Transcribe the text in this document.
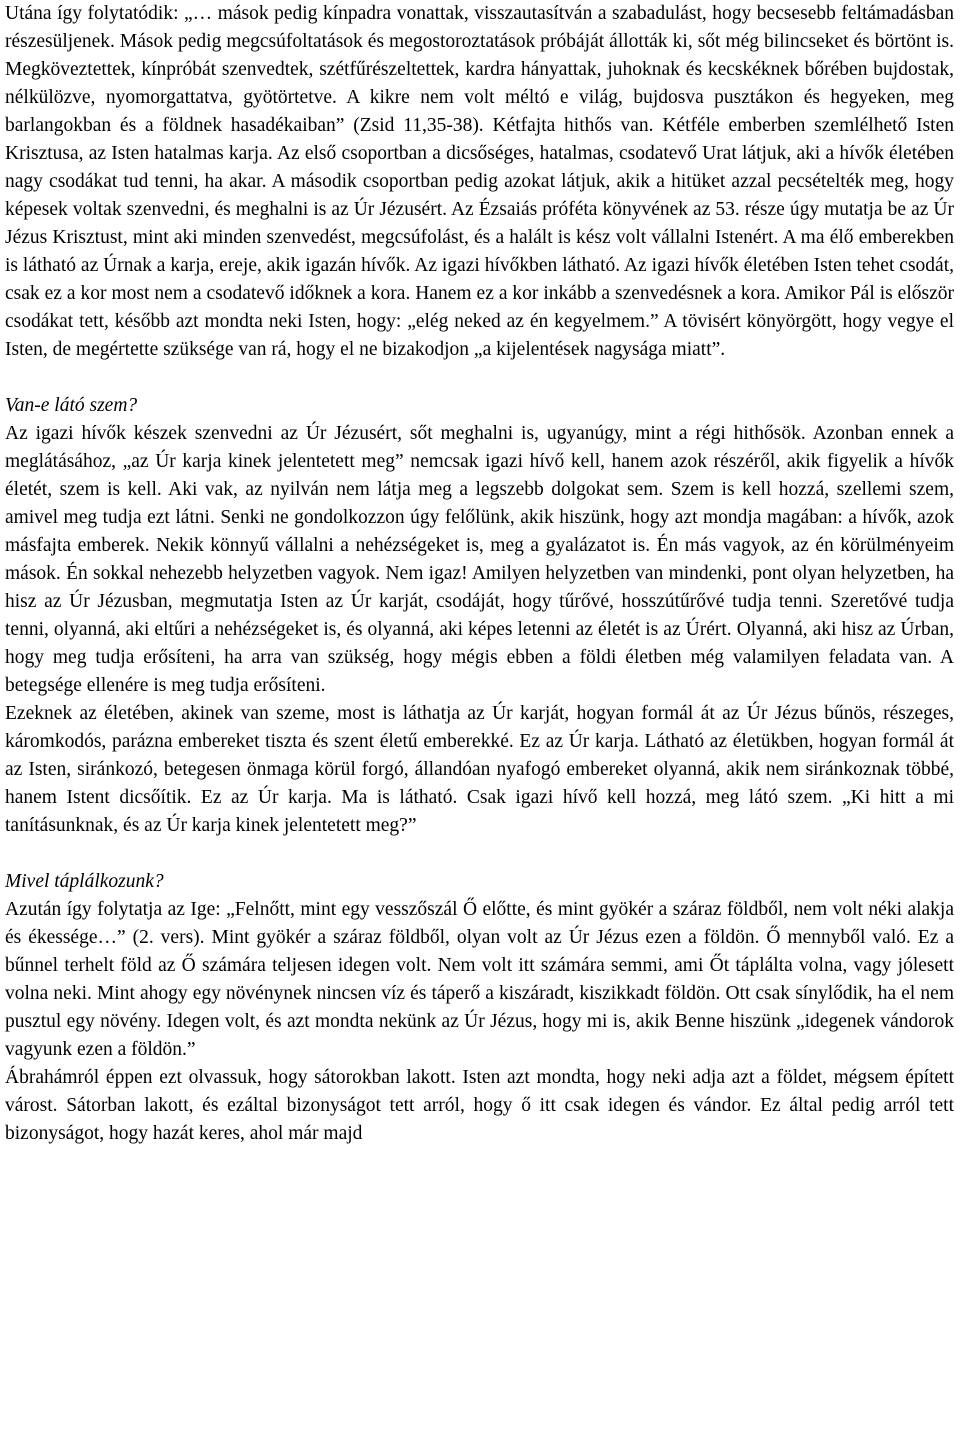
Utána így folytatódik: „… mások pedig kínpadra vonattak, visszautasítván a szabadulást, hogy becsesebb feltámadásban részesüljenek. Mások pedig megcsúfoltatások és megostoroztatások próbáját állották ki, sőt még bilincseket és börtönt is. Megköveztettek, kínpróbát szenvedtek, szétfűrészeltettek, kardra hányattak, juhoknak és kecskéknek bőrében bujdostak, nélkülözve, nyomorgattatva, gyötörtetve. A kikre nem volt méltó e világ, bujdosva pusztákon és hegyeken, meg barlangokban és a földnek hasadékaiban” (Zsid 11,35-38). Kétfajta hithős van. Kétféle emberben szemlélhető Isten Krisztusa, az Isten hatalmas karja. Az első csoportban a dicsőséges, hatalmas, csodatevő Urat látjuk, aki a hívők életében nagy csodákat tud tenni, ha akar. A második csoportban pedig azokat látjuk, akik a hitüket azzal pecsételték meg, hogy képesek voltak szenvedni, és meghalni is az Úr Jézusért. Az Ézsaiás próféta könyvének az 53. része úgy mutatja be az Úr Jézus Krisztust, mint aki minden szenvedést, megcsúfolást, és a halált is kész volt vállalni Istenért. A ma élő emberekben is látható az Úrnak a karja, ereje, akik igazán hívők. Az igazi hívőkben látható. Az igazi hívők életében Isten tehet csodát, csak ez a kor most nem a csodatevő időknek a kora. Hanem ez a kor inkább a szenvedésnek a kora. Amikor Pál is először csodákat tett, később azt mondta neki Isten, hogy: „elég neked az én kegyelmem.” A tövisért könyörgött, hogy vegye el Isten, de megértette szüksége van rá, hogy el ne bizakodjon „a kijelentések nagysága miatt”.

Van-e látó szem?

Az igazi hívők készek szenvedni az Úr Jézusért, sőt meghalni is, ugyanúgy, mint a régi hithősök. Azonban ennek a meglátásához, „az Úr karja kinek jelentetett meg” nemcsak igazi hívő kell, hanem azok részéről, akik figyelik a hívők életét, szem is kell. Aki vak, az nyilván nem látja meg a legszebb dolgokat sem. Szem is kell hozzá, szellemi szem, amivel meg tudja ezt látni. Senki ne gondolkozzon úgy felőlünk, akik hiszünk, hogy azt mondja magában: a hívők, azok másfajta emberek. Nekik könnyű vállalni a nehézségeket is, meg a gyalázatot is. Én más vagyok, az én körülményeim mások. Én sokkal nehezebb helyzetben vagyok. Nem igaz! Amilyen helyzetben van mindenki, pont olyan helyzetben, ha hisz az Úr Jézusban, megmutatja Isten az Úr karját, csodáját, hogy tűrővé, hosszútűrővé tudja tenni. Szeretővé tudja tenni, olyanná, aki eltűri a nehézségeket is, és olyanná, aki képes letenni az életét is az Úrért. Olyanná, aki hisz az Úrban, hogy meg tudja erősíteni, ha arra van szükség, hogy mégis ebben a földi életben még valamilyen feladata van. A betegsége ellenére is meg tudja erősíteni.

Ezeknek az életében, akinek van szeme, most is láthatja az Úr karját, hogyan formál át az Úr Jézus bűnös, részeges, káromkodós, parázna embereket tiszta és szent életű emberekké. Ez az Úr karja. Látható az életükben, hogyan formál át az Isten, siránkozó, betegesen önmaga körül forgó, állandóan nyafogó embereket olyanná, akik nem siránkoznak többé, hanem Istent dicsőítik. Ez az Úr karja. Ma is látható. Csak igazi hívő kell hozzá, meg látó szem. „Ki hitt a mi tanításunknak, és az Úr karja kinek jelentetett meg?”

Mivel táplálkozunk?

Azután így folytatja az Ige: „Felnőtt, mint egy vesszőszál Ő előtte, és mint gyökér a száraz földből, nem volt néki alakja és ékessége…” (2. vers). Mint gyökér a száraz földből, olyan volt az Úr Jézus ezen a földön. Ő mennyből való. Ez a bűnnel terhelt föld az Ő számára teljesen idegen volt. Nem volt itt számára semmi, ami Őt táplálta volna, vagy jólesett volna neki. Mint ahogy egy növénynek nincsen víz és táperő a kiszáradt, kiszikkadt földön. Ott csak sínylődik, ha el nem pusztul egy növény. Idegen volt, és azt mondta nekünk az Úr Jézus, hogy mi is, akik Benne hiszünk „idegenek vándorok vagyunk ezen a földön.”

Ábrahámról éppen ezt olvassuk, hogy sátorokban lakott. Isten azt mondta, hogy neki adja azt a földet, mégsem épített várost. Sátorban lakott, és ezáltal bizonyságot tett arról, hogy ő itt csak idegen és vándor. Ez által pedig arról tett bizonyságot, hogy hazát keres, ahol már majd
